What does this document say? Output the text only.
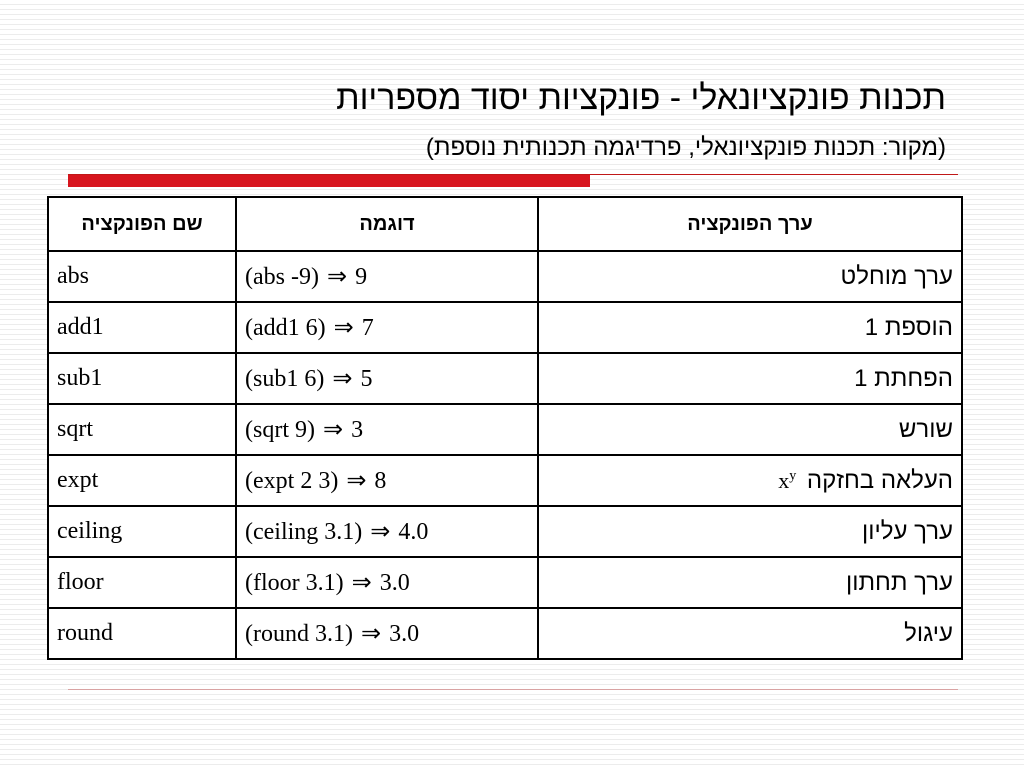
תכנות פונקציונאלי - פונקציות יסוד מספריות
(מקור: תכנות פונקציונאלי, פרדיגמה תכנותית נוספת)
שם הפונקציה	דוגמה	ערך הפונקציה
abs	(abs -9) ⇒ 9	ערך מוחלט
add1	(add1 6) ⇒ 7	הוספת 1
sub1	(sub1 6) ⇒ 5	הפחתת 1
sqrt	(sqrt 9) ⇒ 3	שורש
expt	(expt 2 3) ⇒ 8	העלאה בחזקה $x^y$
ceiling	(ceiling 3.1) ⇒ 4.0	ערך עליון
floor	(floor 3.1) ⇒ 3.0	ערך תחתון
round	(round 3.1) ⇒ 3.0	עיגול
